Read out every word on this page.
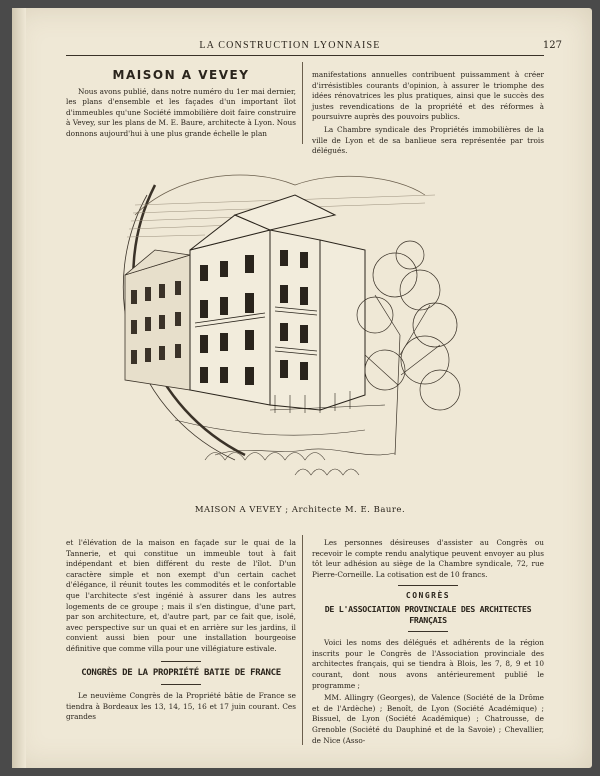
LA CONSTRUCTION LYONNAISE	127
MAISON A VEVEY

Nous avons publié, dans notre numéro du 1er mai dernier, les plans d'ensemble et les façades d'un important îlot d'immeubles qu'une Société immobilière doit faire construire à Vevey, sur les plans de M. E. Baure, architecte à Lyon. Nous donnons aujourd'hui à une plus grande échelle le plan

manifestations annuelles contribuent puissamment à créer d'irrésistibles courants d'opinion, à assurer le triomphe des idées rénovatrices les plus pratiques, ainsi que le succès des justes revendications de la propriété et des réformes à poursuivre auprès des pouvoirs publics.

La Chambre syndicale des Propriétés immobilières de la ville de Lyon et de sa banlieue sera représentée par trois délégués.

MAISON A VEVEY ; Architecte M. E. Baure.

et l'élévation de la maison en façade sur le quai de la Tannerie, et qui constitue un immeuble tout à fait indépendant et bien différent du reste de l'îlot. D'un caractère simple et non exempt d'un certain cachet d'élégance, il réunit toutes les commodités et le confortable que l'architecte s'est ingénié à assurer dans les autres logements de ce groupe ; mais il s'en distingue, d'une part, par son architecture, et, d'autre part, par ce fait que, isolé, avec perspective sur un quai et en arrière sur les jardins, il convient aussi bien pour une installation bourgeoise définitive que comme villa pour une villégiature estivale.

CONGRÈS DE LA PROPRIÉTÉ BATIE DE FRANCE

Le neuvième Congrès de la Propriété bâtie de France se tiendra à Bordeaux les 13, 14, 15, 16 et 17 juin courant. Ces grandes

Les personnes désireuses d'assister au Congrès ou recevoir le compte rendu analytique peuvent envoyer au plus tôt leur adhésion au siège de la Chambre syndicale, 72, rue Pierre-Corneille. La cotisation est de 10 francs.

CONGRÈS
DE L'ASSOCIATION PROVINCIALE DES ARCHITECTES FRANÇAIS

Voici les noms des délégués et adhérents de la région inscrits pour le Congrès de l'Association provinciale des architectes français, qui se tiendra à Blois, les 7, 8, 9 et 10 courant, dont nous avons antérieurement publié le programme ;

MM. Allingry (Georges), de Valence (Société de la Drôme et de l'Ardèche) ; Benoît, de Lyon (Société Académique) ; Bissuel, de Lyon (Société Académique) ; Chatrousse, de Grenoble (Société du Dauphiné et de la Savoie) ; Chevallier, de Nice (Asso-
